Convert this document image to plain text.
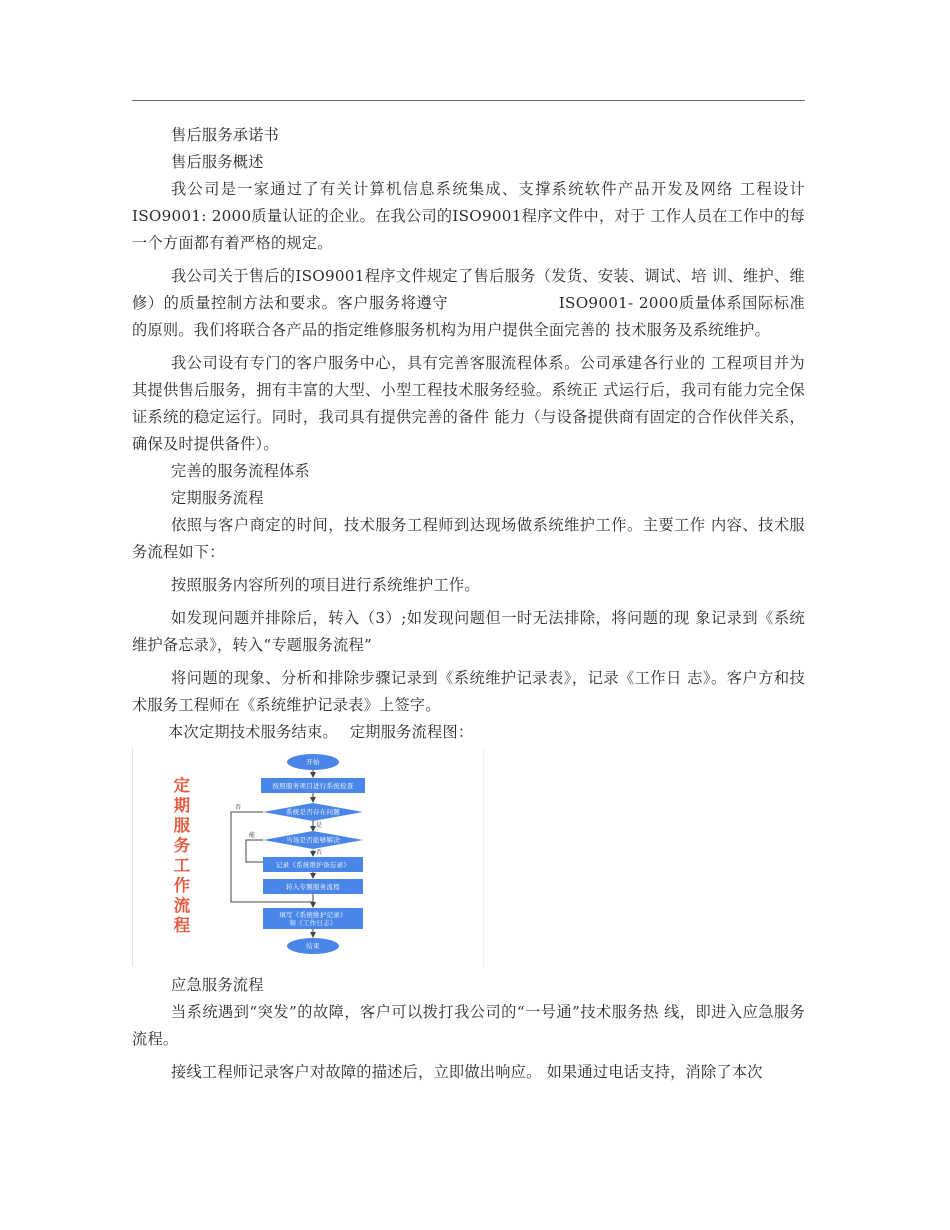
售后服务承诺书

售后服务概述

我公司是一家通过了有关计算机信息系统集成、支撑系统软件产品开发及网络 工程设计ISO9001: 2000质量认证的企业。在我公司的ISO9001程序文件中，对于 工作人员在工作中的每一个方面都有着严格的规定。

我公司关于售后的ISO9001程序文件规定了售后服务（发货、安装、调试、培 训、维护、维修）的质量控制方法和要求。客户服务将遵守　　　　　　　ISO9001- 2000质量体系国际标准的原则。我们将联合各产品的指定维修服务机构为用户提供全面完善的 技术服务及系统维护。

我公司设有专门的客户服务中心，具有完善客服流程体系。公司承建各行业的 工程项目并为其提供售后服务，拥有丰富的大型、小型工程技术服务经验。系统正 式运行后，我司有能力完全保证系统的稳定运行。同时，我司具有提供完善的备件 能力（与设备提供商有固定的合作伙伴关系，确保及时提供备件）。

完善的服务流程体系

定期服务流程

依照与客户商定的时间，技术服务工程师到达现场做系统维护工作。主要工作 内容、技术服务流程如下：

按照服务内容所列的项目进行系统维护工作。

如发现问题并排除后，转入（3）;如发现问题但一时无法排除，将问题的现 象记录到《系统维护备忘录》，转入“专题服务流程”

将问题的现象、分析和排除步骤记录到《系统维护记录表》，记录《工作日 志》。客户方和技术服务工程师在《系统维护记录表》上签字。

本次定期技术服务结束。 定期服务流程图：

定
期
服
务
工
作
流
程
开始
按照服务项目进行系统检查
系统是否存在问题
当场是否能够解决
记录《系统维护备忘录》
转入专题服务流程
填写《系统维护记录》
和《工作日志》
结束
否
是
能
否

应急服务流程

当系统遇到“突发”的故障，客户可以拨打我公司的“一号通”技术服务热 线，即进入应急服务流程。

接线工程师记录客户对故障的描述后，立即做出响应。 如果通过电话支持，消除了本次
